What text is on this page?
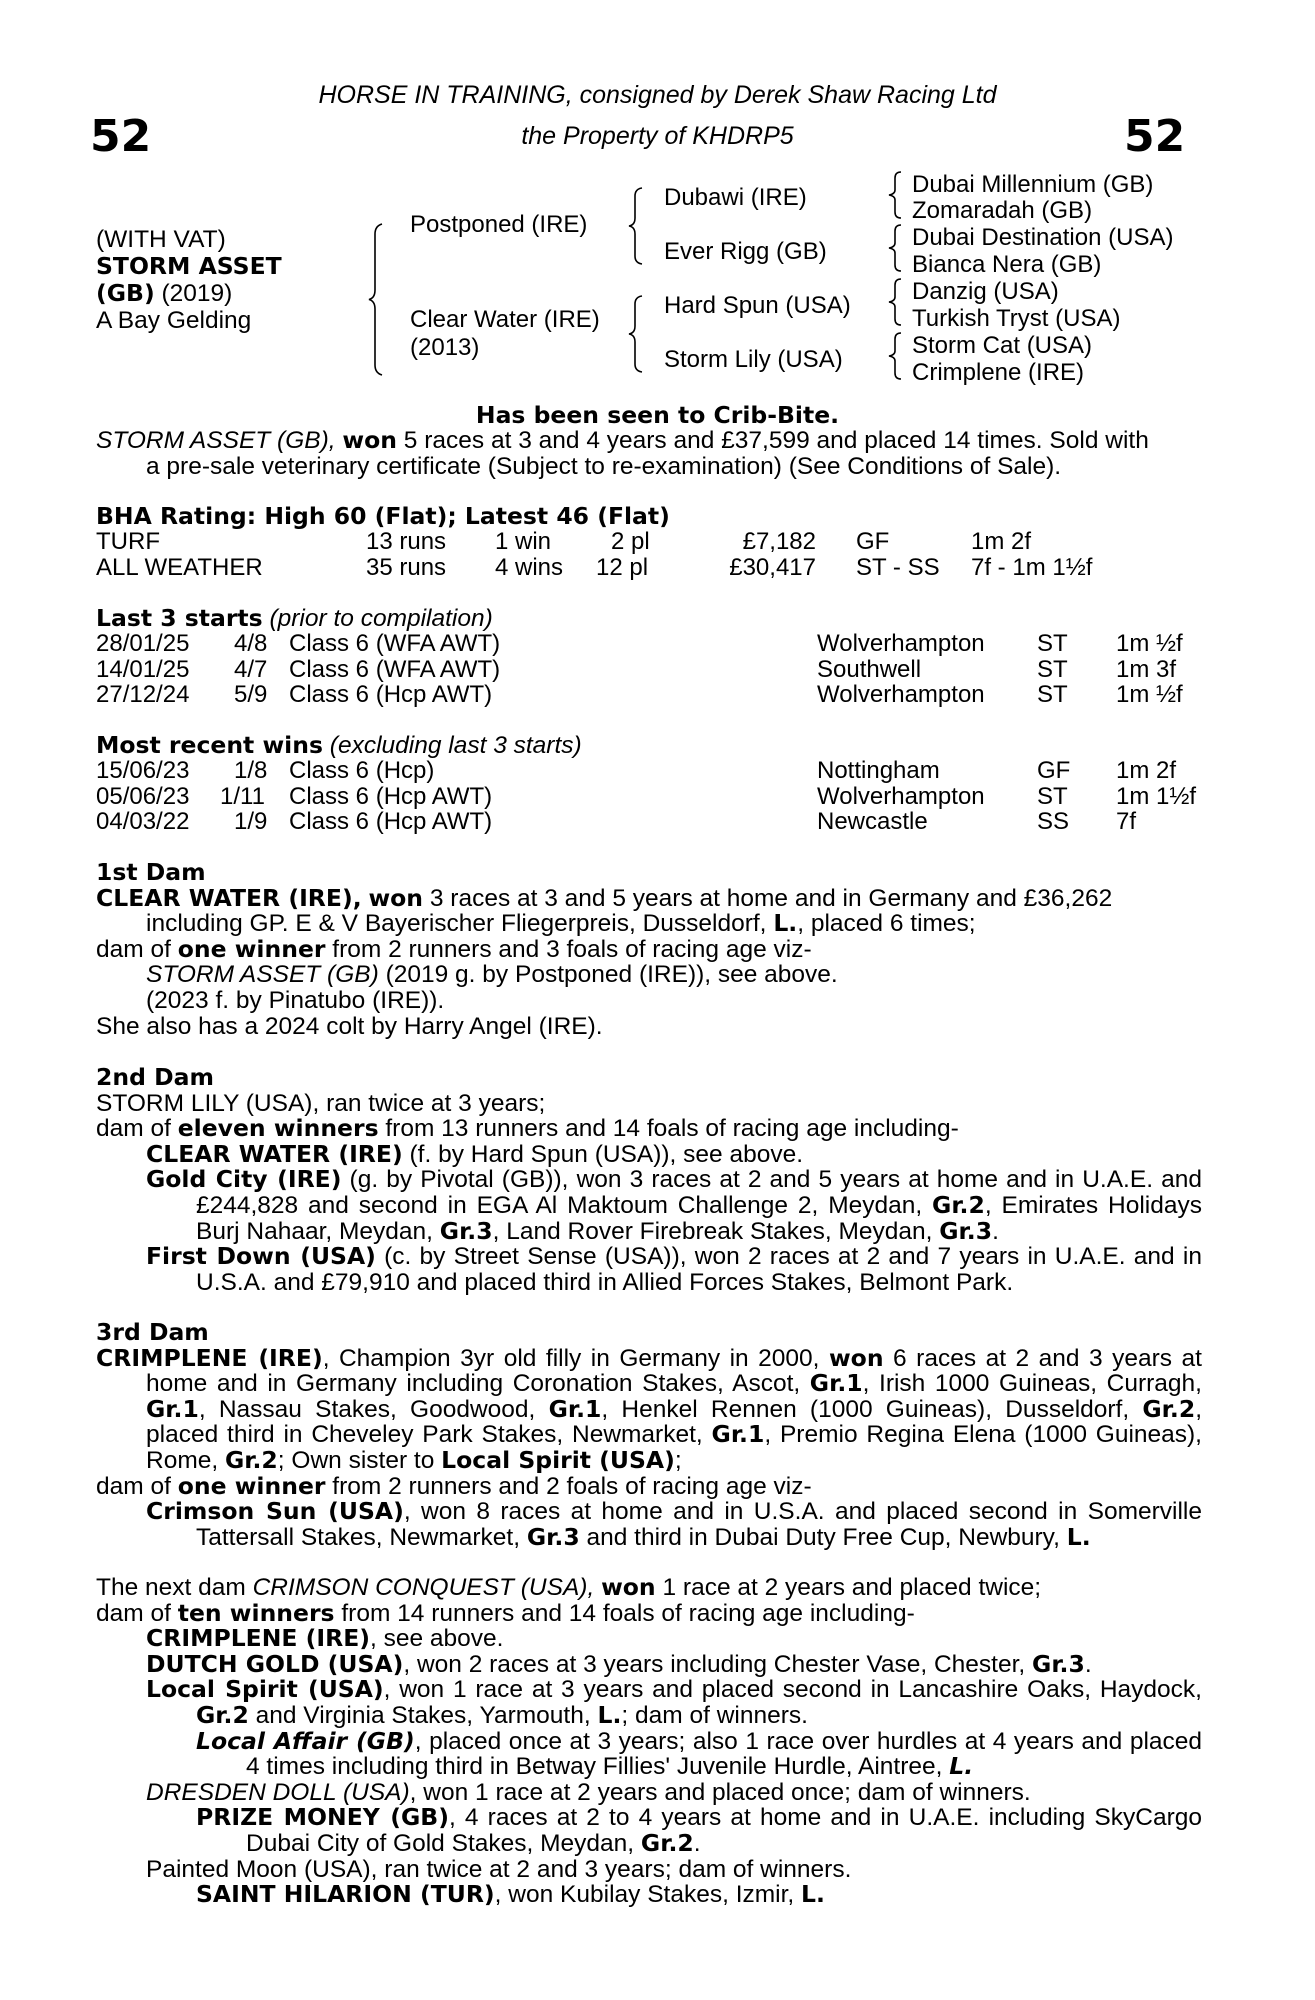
52	52
HORSE IN TRAINING, consigned by Derek Shaw Racing Ltd
the Property of KHDRP5
(WITH VAT)
STORM ASSET
(GB) (2019)
A Bay Gelding
Postponed (IRE)
Clear Water (IRE)
(2013)
Dubawi (IRE)
Ever Rigg (GB)
Hard Spun (USA)
Storm Lily (USA)
Dubai Millennium (GB)
Zomaradah (GB)
Dubai Destination (USA)
Bianca Nera (GB)
Danzig (USA)
Turkish Tryst (USA)
Storm Cat (USA)
Crimplene (IRE)
Has been seen to Crib-Bite.
STORM ASSET (GB), won 5 races at 3 and 4 years and £37,599 and placed 14 times. Sold with
a pre-sale veterinary certificate (Subject to re-examination) (See Conditions of Sale).
BHA Rating: High 60 (Flat); Latest 46 (Flat)
TURF	13 runs 1 win 2 pl	£7,182 GF	1m 2f
ALL WEATHER	35 runs 4 wins 12 pl	£30,417 ST - SS 7f - 1m 1½f
Last 3 starts (prior to compilation)
28/01/25 4/8 Class 6 (WFA AWT)	Wolverhampton ST 1m ½f
14/01/25 4/7 Class 6 (WFA AWT)	Southwell	ST 1m 3f
27/12/24 5/9 Class 6 (Hcp AWT)	Wolverhampton ST 1m ½f
Most recent wins (excluding last 3 starts)
15/06/23 1/8 Class 6 (Hcp)	Nottingham	GF 1m 2f
05/06/23 1/11 Class 6 (Hcp AWT)	Wolverhampton ST 1m 1½f
04/03/22 1/9 Class 6 (Hcp AWT)	Newcastle	SS 7f
1st Dam
CLEAR WATER (IRE), won 3 races at 3 and 5 years at home and in Germany and £36,262
including GP. E & V Bayerischer Fliegerpreis, Dusseldorf, L., placed 6 times;
dam of one winner from 2 runners and 3 foals of racing age viz-
STORM ASSET (GB) (2019 g. by Postponed (IRE)), see above.
(2023 f. by Pinatubo (IRE)).
She also has a 2024 colt by Harry Angel (IRE).
2nd Dam
STORM LILY (USA), ran twice at 3 years;
dam of eleven winners from 13 runners and 14 foals of racing age including-
CLEAR WATER (IRE) (f. by Hard Spun (USA)), see above.
Gold City (IRE) (g. by Pivotal (GB)), won 3 races at 2 and 5 years at home and in U.A.E. and £244,828 and second in EGA Al Maktoum Challenge 2, Meydan, Gr.2, Emirates Holidays Burj Nahaar, Meydan, Gr.3, Land Rover Firebreak Stakes, Meydan, Gr.3.
First Down (USA) (c. by Street Sense (USA)), won 2 races at 2 and 7 years in U.A.E. and in U.S.A. and £79,910 and placed third in Allied Forces Stakes, Belmont Park.
3rd Dam
CRIMPLENE (IRE), Champion 3yr old filly in Germany in 2000, won 6 races at 2 and 3 years at home and in Germany including Coronation Stakes, Ascot, Gr.1, Irish 1000 Guineas, Curragh, Gr.1, Nassau Stakes, Goodwood, Gr.1, Henkel Rennen (1000 Guineas), Dusseldorf, Gr.2, placed third in Cheveley Park Stakes, Newmarket, Gr.1, Premio Regina Elena (1000 Guineas), Rome, Gr.2; Own sister to Local Spirit (USA);
dam of one winner from 2 runners and 2 foals of racing age viz-
Crimson Sun (USA), won 8 races at home and in U.S.A. and placed second in Somerville Tattersall Stakes, Newmarket, Gr.3 and third in Dubai Duty Free Cup, Newbury, L.
The next dam CRIMSON CONQUEST (USA), won 1 race at 2 years and placed twice;
dam of ten winners from 14 runners and 14 foals of racing age including-
CRIMPLENE (IRE), see above.
DUTCH GOLD (USA), won 2 races at 3 years including Chester Vase, Chester, Gr.3.
Local Spirit (USA), won 1 race at 3 years and placed second in Lancashire Oaks, Haydock, Gr.2 and Virginia Stakes, Yarmouth, L.; dam of winners.
Local Affair (GB), placed once at 3 years; also 1 race over hurdles at 4 years and placed 4 times including third in Betway Fillies' Juvenile Hurdle, Aintree, L.
DRESDEN DOLL (USA), won 1 race at 2 years and placed once; dam of winners.
PRIZE MONEY (GB), 4 races at 2 to 4 years at home and in U.A.E. including SkyCargo Dubai City of Gold Stakes, Meydan, Gr.2.
Painted Moon (USA), ran twice at 2 and 3 years; dam of winners.
SAINT HILARION (TUR), won Kubilay Stakes, Izmir, L.
